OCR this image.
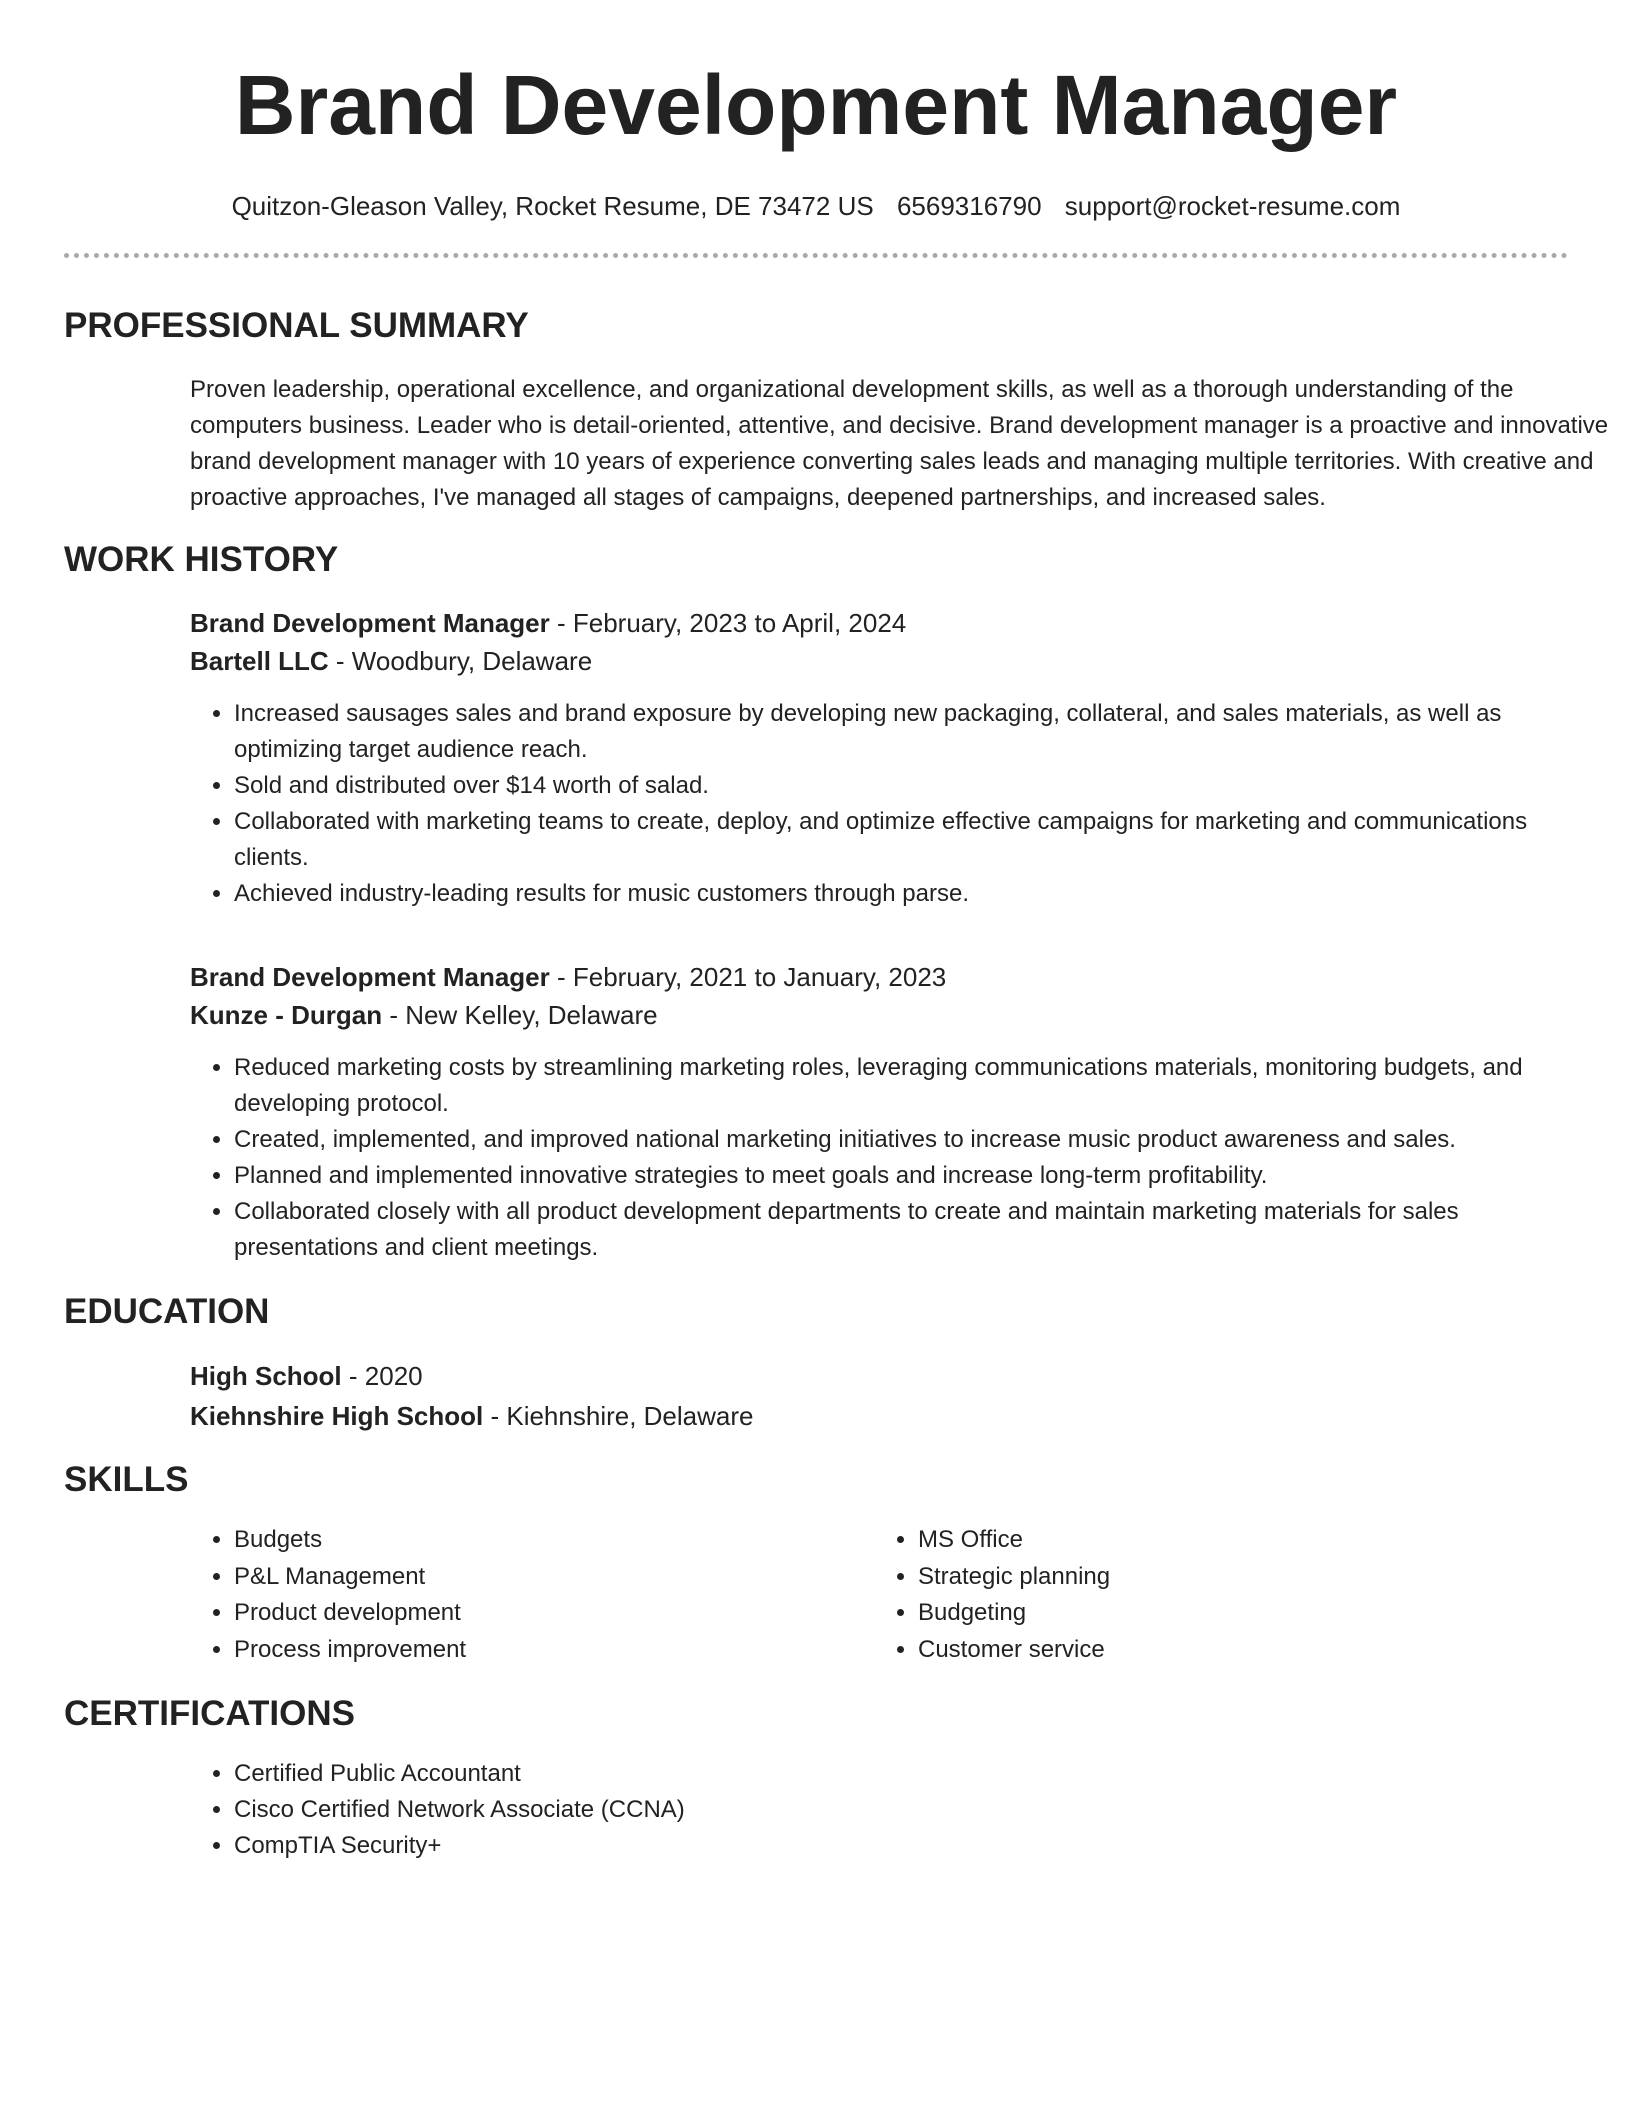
Brand Development Manager
Quitzon-Gleason Valley, Rocket Resume, DE 73472 US 6569316790 support@rocket-resume.com
PROFESSIONAL SUMMARY
Proven leadership, operational excellence, and organizational development skills, as well as a thorough understanding of the computers business. Leader who is detail-oriented, attentive, and decisive. Brand development manager is a proactive and innovative brand development manager with 10 years of experience converting sales leads and managing multiple territories. With creative and proactive approaches, I've managed all stages of campaigns, deepened partnerships, and increased sales.
WORK HISTORY
Brand Development Manager - February, 2023 to April, 2024
Bartell LLC - Woodbury, Delaware
• Increased sausages sales and brand exposure by developing new packaging, collateral, and sales materials, as well as optimizing target audience reach.
• Sold and distributed over $14 worth of salad.
• Collaborated with marketing teams to create, deploy, and optimize effective campaigns for marketing and communications clients.
• Achieved industry-leading results for music customers through parse.
Brand Development Manager - February, 2021 to January, 2023
Kunze - Durgan - New Kelley, Delaware
• Reduced marketing costs by streamlining marketing roles, leveraging communications materials, monitoring budgets, and developing protocol.
• Created, implemented, and improved national marketing initiatives to increase music product awareness and sales.
• Planned and implemented innovative strategies to meet goals and increase long-term profitability.
• Collaborated closely with all product development departments to create and maintain marketing materials for sales presentations and client meetings.
EDUCATION
High School - 2020
Kiehnshire High School - Kiehnshire, Delaware
SKILLS
• Budgets
• P&L Management
• Product development
• Process improvement
• MS Office
• Strategic planning
• Budgeting
• Customer service
CERTIFICATIONS
• Certified Public Accountant
• Cisco Certified Network Associate (CCNA)
• CompTIA Security+
